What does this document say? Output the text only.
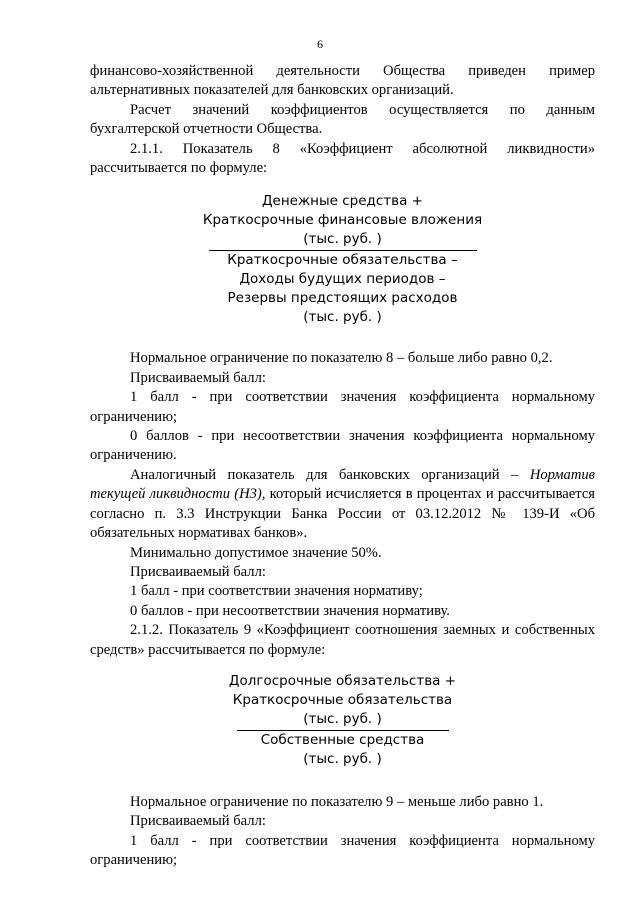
6

финансово-хозяйственной деятельности Общества приведен пример альтернативных показателей для банковских организаций.

Расчет значений коэффициентов осуществляется по данным бухгалтерской отчетности Общества.

2.1.1. Показатель 8 «Коэффициент абсолютной ликвидности» рассчитывается по формуле:

Денежные средства +
Краткосрочные финансовые вложения
(тыс. руб. )
Краткосрочные обязательства –
Доходы будущих периодов –
Резервы предстоящих расходов
(тыс. руб. )

Нормальное ограничение по показателю 8 – больше либо равно 0,2.

Присваиваемый балл:

1 балл - при соответствии значения коэффициента нормальному ограничению;

0 баллов - при несоответствии значения коэффициента нормальному ограничению.

Аналогичный показатель для банковских организаций – Норматив текущей ликвидности (Н3), который исчисляется в процентах и рассчитывается согласно п. 3.3 Инструкции Банка России от 03.12.2012 № 139-И «Об обязательных нормативах банков».

Минимально допустимое значение 50%.

Присваиваемый балл:

1 балл - при соответствии значения нормативу;

0 баллов - при несоответствии значения нормативу.

2.1.2. Показатель 9 «Коэффициент соотношения заемных и собственных средств» рассчитывается по формуле:

Долгосрочные обязательства +
Краткосрочные обязательства
(тыс. руб. )
Собственные средства
(тыс. руб. )

Нормальное ограничение по показателю 9 – меньше либо равно 1.

Присваиваемый балл:

1 балл - при соответствии значения коэффициента нормальному ограничению;
